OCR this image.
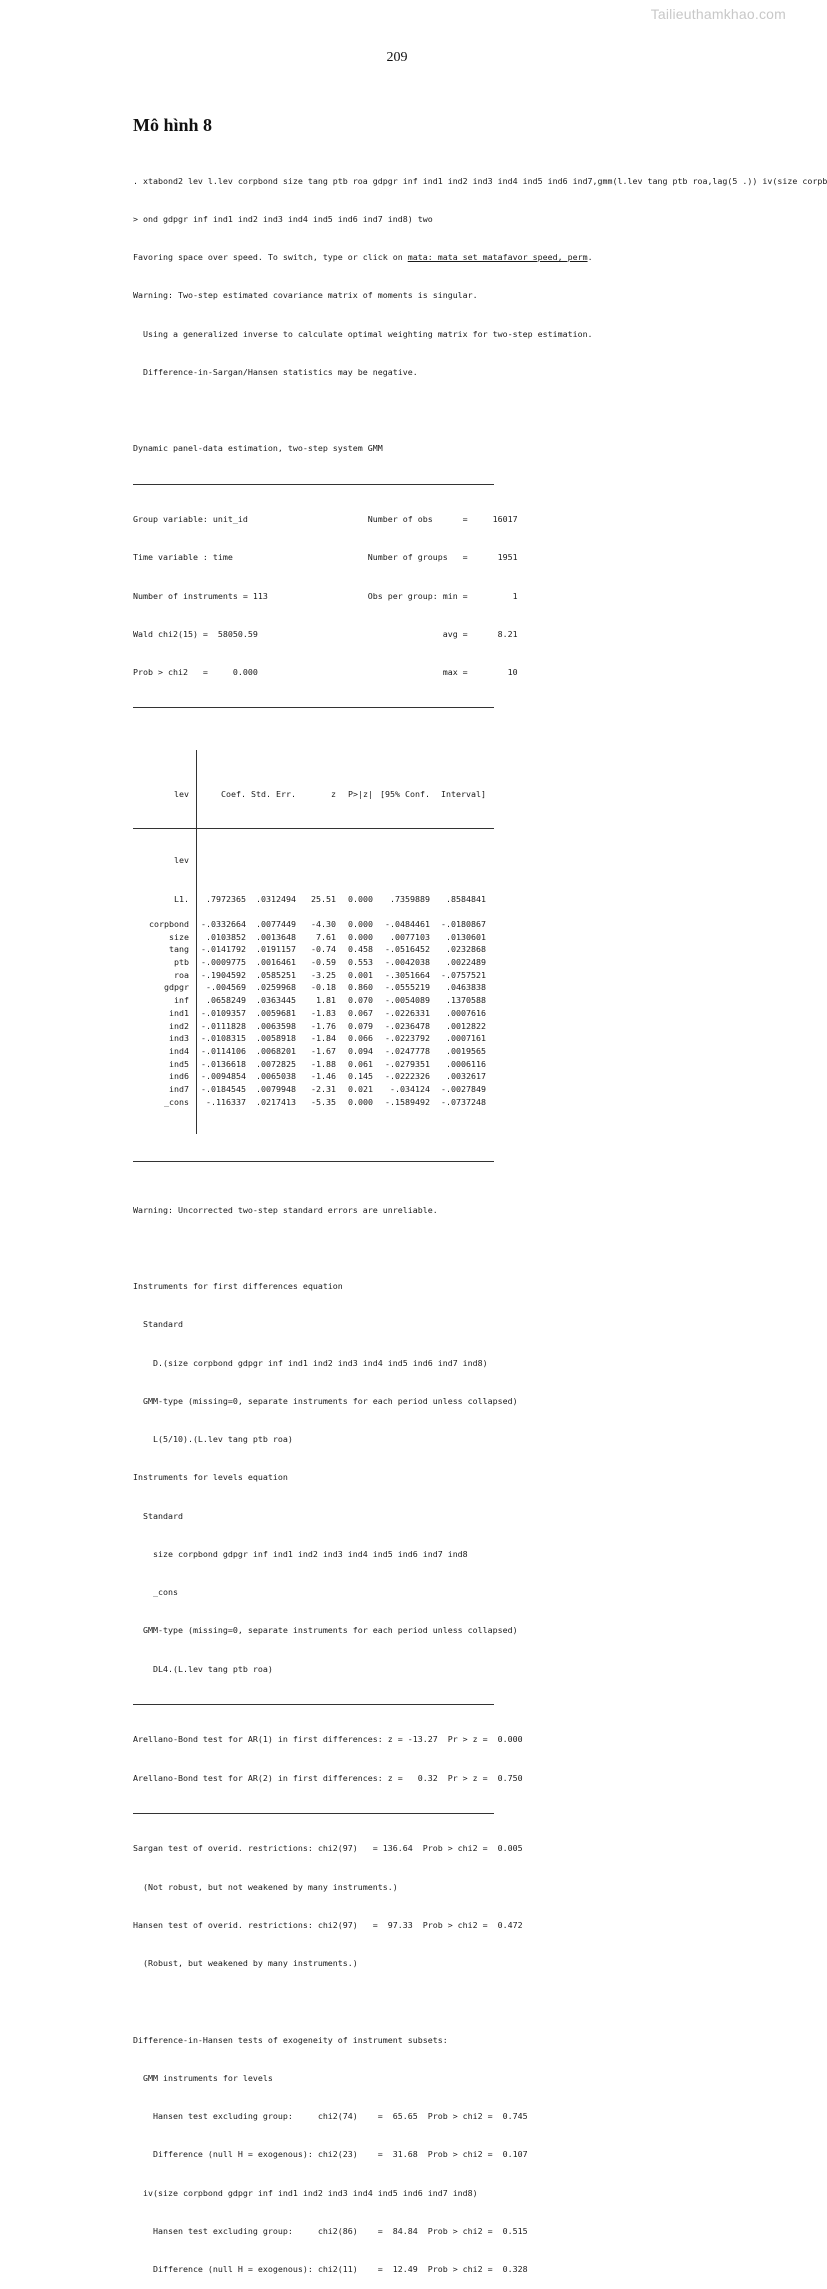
Tailieuthamkhao.com
209
Mô hình 8

. xtabond2 lev l.lev corpbond size tang ptb roa gdpgr inf ind1 ind2 ind3 ind4 ind5 ind6 ind7,gmm(l.lev tang ptb roa,lag(5 .)) iv(size corpb

> ond gdpgr inf ind1 ind2 ind3 ind4 ind5 ind6 ind7 ind8) two

Favoring space over speed. To switch, type or click on mata: mata set matafavor speed, perm.

Warning: Two-step estimated covariance matrix of moments is singular.

Using a generalized inverse to calculate optimal weighting matrix for two-step estimation.

Difference-in-Sargan/Hansen statistics may be negative.

Dynamic panel-data estimation, two-step system GMM

Group variable: unit_id                        Number of obs      =     16017

Time variable : time                           Number of groups   =      1951

Number of instruments = 113                    Obs per group: min =         1

Wald chi2(15) =  58050.59                                     avg =      8.21

Prob > chi2   =     0.000                                     max =        10

lev	Coef. Std. Err.	z	P>|z| [95% Conf.	Interval]

lev

L1.	.7972365	.0312494	25.51	0.000	.7359889	.8584841
corpbond	-.0332664	.0077449	-4.30	0.000	-.0484461	-.0180867
size	.0103852	.0013648	7.61	0.000	.0077103	.0130601
tang	-.0141792	.0191157	-0.74	0.458	-.0516452	.0232868
ptb	-.0009775	.0016461	-0.59	0.553	-.0042038	.0022489
roa	-.1904592	.0585251	-3.25	0.001	-.3051664	-.0757521
gdpgr	-.004569	.0259968	-0.18	0.860	-.0555219	.0463838
inf	.0658249	.0363445	1.81	0.070	-.0054089	.1370588
ind1	-.0109357	.0059681	-1.83	0.067	-.0226331	.0007616
ind2	-.0111828	.0063598	-1.76	0.079	-.0236478	.0012822
ind3	-.0108315	.0058918	-1.84	0.066	-.0223792	.0007161
ind4	-.0114106	.0068201	-1.67	0.094	-.0247778	.0019565
ind5	-.0136618	.0072825	-1.88	0.061	-.0279351	.0006116
ind6	-.0094854	.0065038	-1.46	0.145	-.0222326	.0032617
ind7	-.0184545	.0079948	-2.31	0.021	-.034124	-.0027849
_cons	-.116337	.0217413	-5.35	0.000	-.1589492	-.0737248

Warning: Uncorrected two-step standard errors are unreliable.

Instruments for first differences equation

Standard

D.(size corpbond gdpgr inf ind1 ind2 ind3 ind4 ind5 ind6 ind7 ind8)

GMM-type (missing=0, separate instruments for each period unless collapsed)

L(5/10).(L.lev tang ptb roa)

Instruments for levels equation

Standard

size corpbond gdpgr inf ind1 ind2 ind3 ind4 ind5 ind6 ind7 ind8

_cons

GMM-type (missing=0, separate instruments for each period unless collapsed)

DL4.(L.lev tang ptb roa)

Arellano-Bond test for AR(1) in first differences: z = -13.27  Pr > z =  0.000

Arellano-Bond test for AR(2) in first differences: z =   0.32  Pr > z =  0.750

Sargan test of overid. restrictions: chi2(97)   = 136.64  Prob > chi2 =  0.005

(Not robust, but not weakened by many instruments.)

Hansen test of overid. restrictions: chi2(97)   =  97.33  Prob > chi2 =  0.472

(Robust, but weakened by many instruments.)

Difference-in-Hansen tests of exogeneity of instrument subsets:

GMM instruments for levels

Hansen test excluding group:     chi2(74)    =  65.65  Prob > chi2 =  0.745

Difference (null H = exogenous): chi2(23)    =  31.68  Prob > chi2 =  0.107

iv(size corpbond gdpgr inf ind1 ind2 ind3 ind4 ind5 ind6 ind7 ind8)

Hansen test excluding group:     chi2(86)    =  84.84  Prob > chi2 =  0.515

Difference (null H = exogenous): chi2(11)    =  12.49  Prob > chi2 =  0.328
